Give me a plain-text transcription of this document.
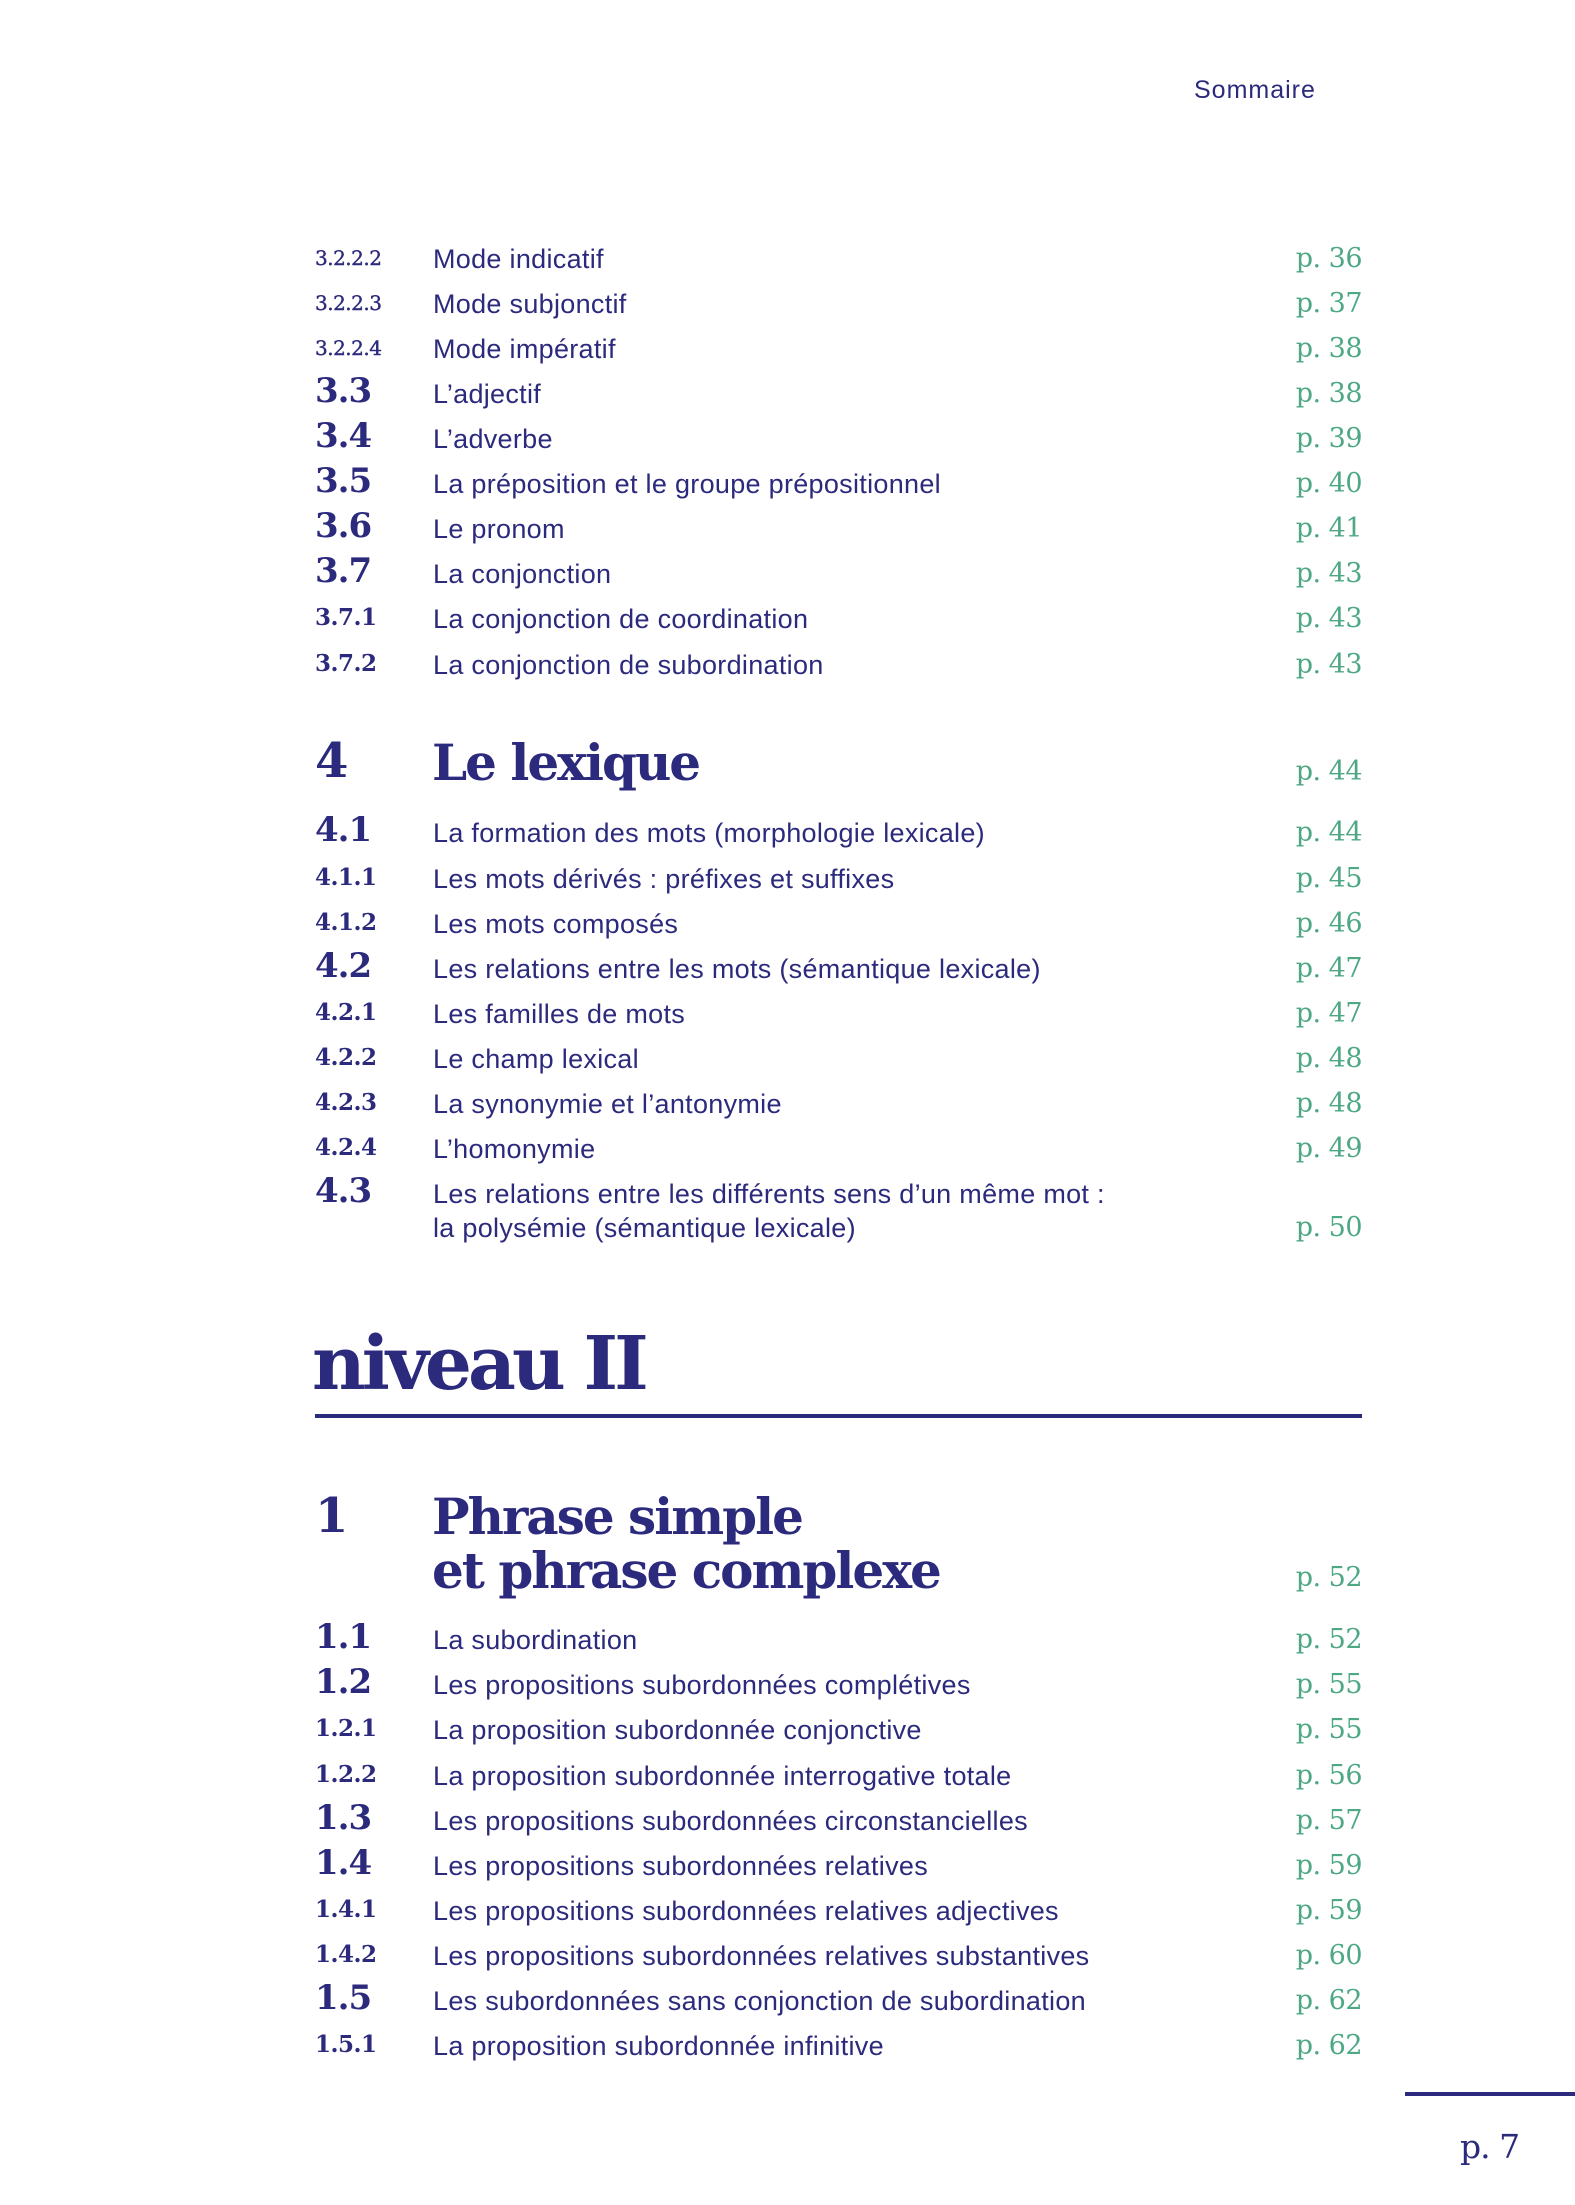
Sommaire
3.2.2.2 Mode indicatif	p. 36
3.2.2.3 Mode subjonctif	p. 37
3.2.2.4 Mode impératif	p. 38
3.3 L’adjectif	p. 38
3.4 L’adverbe	p. 39
3.5 La préposition et le groupe prépositionnel	p. 40
3.6 Le pronom	p. 41
3.7 La conjonction	p. 43
3.7.1 La conjonction de coordination	p. 43
3.7.2 La conjonction de subordination	p. 43
4 Le lexique	p. 44
4.1 La formation des mots (morphologie lexicale)	p. 44
4.1.1 Les mots dérivés : préfixes et suffixes	p. 45
4.1.2 Les mots composés	p. 46
4.2 Les relations entre les mots (sémantique lexicale)	p. 47
4.2.1 Les familles de mots	p. 47
4.2.2 Le champ lexical	p. 48
4.2.3 La synonymie et l’antonymie	p. 48
4.2.4 L’homonymie	p. 49
4.3 Les relations entre les différents sens d’un même mot :
la polysémie (sémantique lexicale)	p. 50
niveau II
1 Phrase simple
et phrase complexe	p. 52
1.1 La subordination	p. 52
1.2 Les propositions subordonnées complétives	p. 55
1.2.1 La proposition subordonnée conjonctive	p. 55
1.2.2 La proposition subordonnée interrogative totale	p. 56
1.3 Les propositions subordonnées circonstancielles	p. 57
1.4 Les propositions subordonnées relatives	p. 59
1.4.1 Les propositions subordonnées relatives adjectives	p. 59
1.4.2 Les propositions subordonnées relatives substantives	p. 60
1.5 Les subordonnées sans conjonction de subordination	p. 62
1.5.1 La proposition subordonnée infinitive	p. 62
p. 7
